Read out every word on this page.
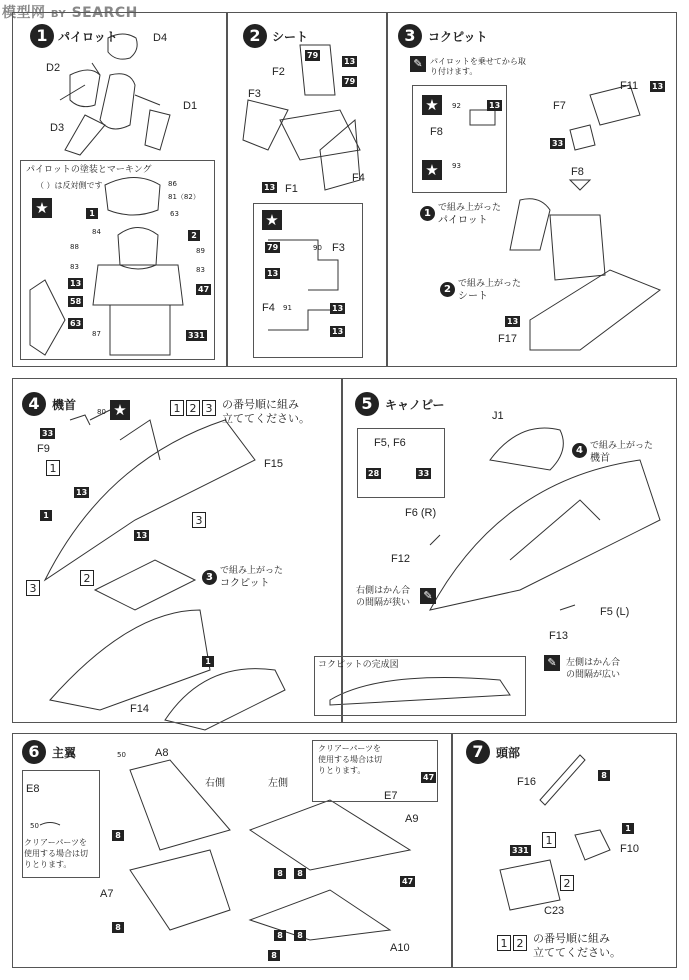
模型网 BY SEARCH
1 パイロット	D4
D2
D1
D3
パイロットの塗装とマーキング
（ ）は反対側です
★
86
81（82）
63
1
84	2
88	89
83	83
13
47
58
63
87	331
2 シート
79
13
F2
79
F3
13 F1
F4
★
79	90 F3
13
F4 91	13
13
3	コクピット
✎ パイロットを乗せてから取り付けます。
F11 13
★	92	13
F8
★	93
F7
33
F8
1 で組み上がった
パイロット
2 で組み上がった
シート
13
F17
4	機首	80 ★	1 2 3 の番号順に組み
立ててください。
33
F9
1	F15
13
1	3
13
3
で組み上がった
コクピット
2
3
1
F14
5	キャノピー
J1
F5, F6
28	33
4 で組み上がった
機首
F6 (R)
F12
右側はかん合
の間隔が狭い
✎
F5 (L)
F13
✎	左側はかん合
の間隔が広い
コクピットの完成図
6	主翼	50	A8
E8
50
クリアーパーツを
使用する場合は切
りとります。
右側	左側
クリアーパーツを
使用する場合は切
りとります。
47
E7
8
A9
8	8
47
A7
8
8	8
A10
8
7	頭部
F16
8
1
1
F10
331
2
C23
1 2 の番号順に組み
立ててください。
